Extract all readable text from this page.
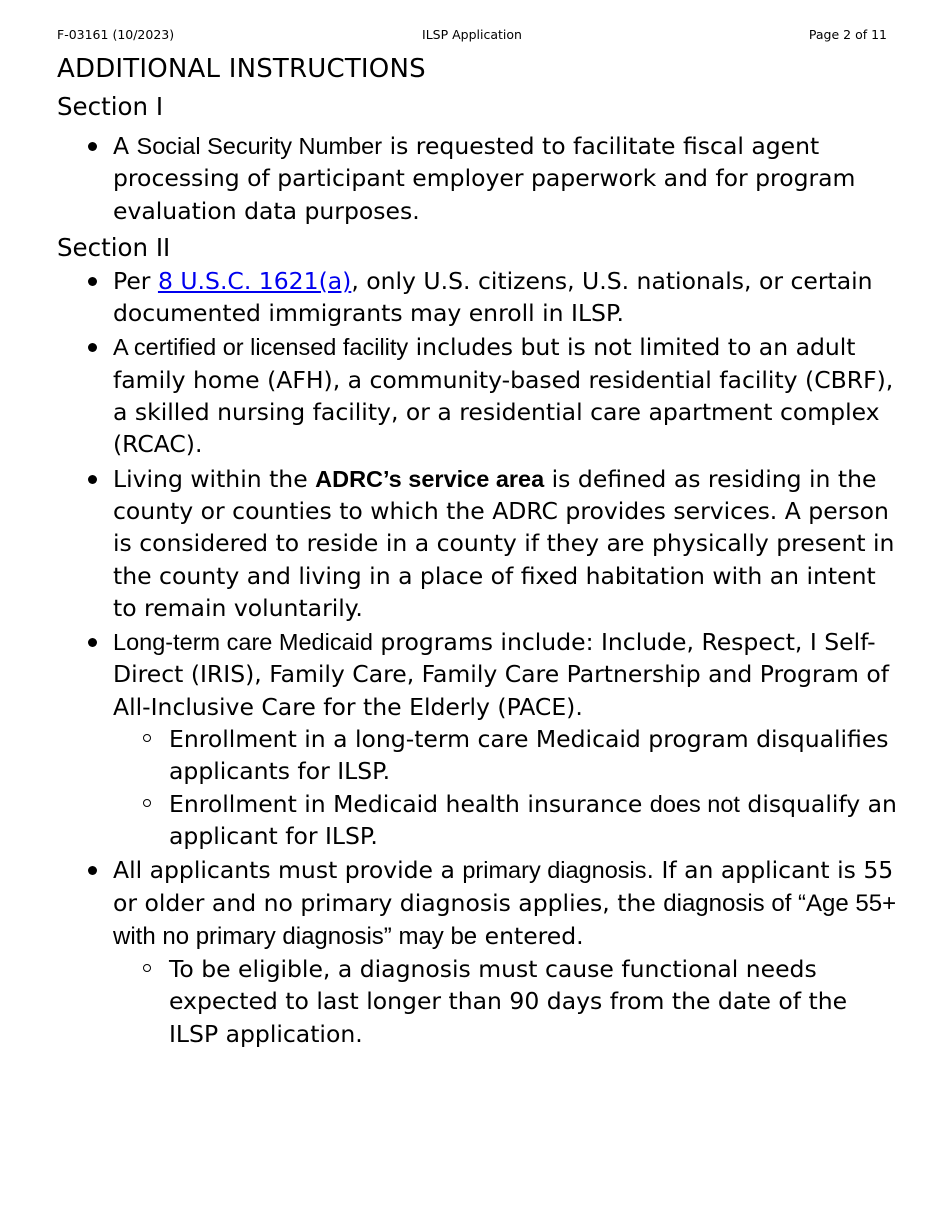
F-03161 (10/2023)	ILSP Application	Page 2 of 11
ADDITIONAL INSTRUCTIONS
Section I
A Social Security Number is requested to facilitate fiscal agent processing of participant employer paperwork and for program evaluation data purposes.
Section II
Per 8 U.S.C. 1621(a), only U.S. citizens, U.S. nationals, or certain documented immigrants may enroll in ILSP.
A certified or licensed facility includes but is not limited to an adult family home (AFH), a community-based residential facility (CBRF), a skilled nursing facility, or a residential care apartment complex (RCAC).
Living within the ADRC’s service area is defined as residing in the county or counties to which the ADRC provides services. A person is considered to reside in a county if they are physically present in the county and living in a place of fixed habitation with an intent to remain voluntarily.
Long-term care Medicaid programs include: Include, Respect, I Self-Direct (IRIS), Family Care, Family Care Partnership and Program of All-Inclusive Care for the Elderly (PACE).
Enrollment in a long-term care Medicaid program disqualifies applicants for ILSP.
Enrollment in Medicaid health insurance does not disqualify an applicant for ILSP.
All applicants must provide a primary diagnosis. If an applicant is 55 or older and no primary diagnosis applies, the diagnosis of “Age 55+ with no primary diagnosis” may be entered.
To be eligible, a diagnosis must cause functional needs expected to last longer than 90 days from the date of the ILSP application.
